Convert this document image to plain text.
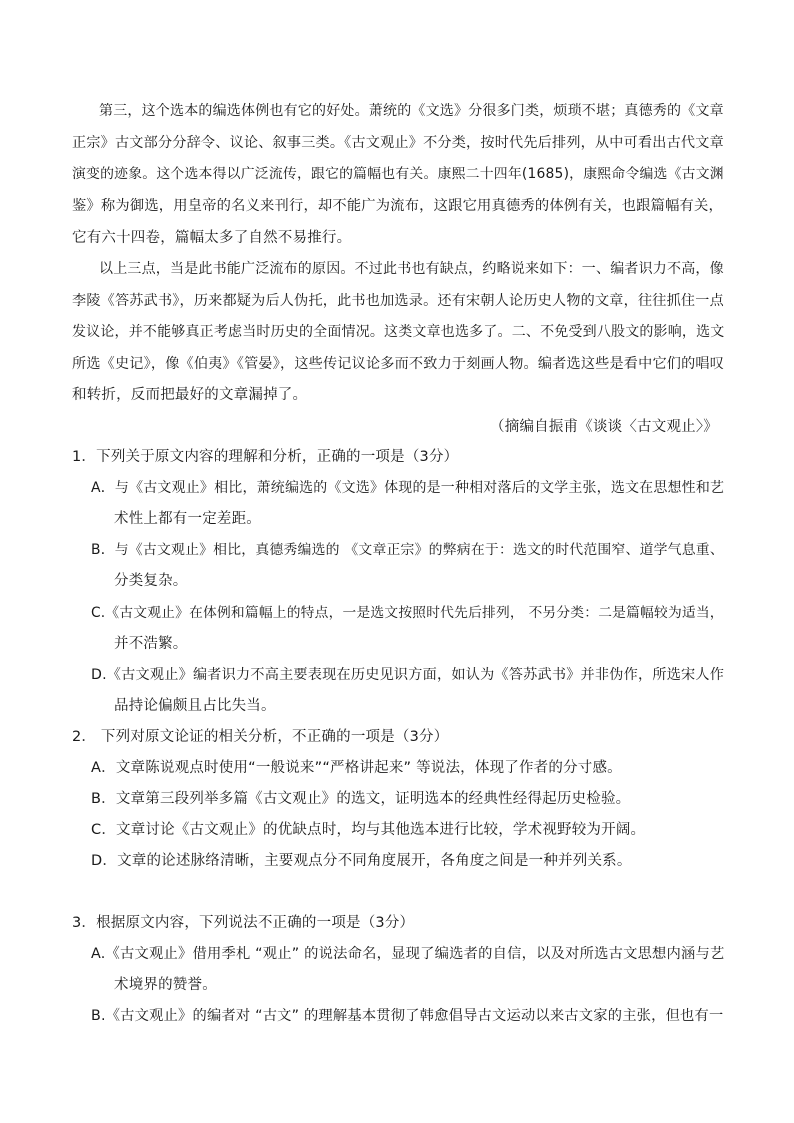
第三，这个选本的编选体例也有它的好处。萧统的《文选》分很多门类，烦琐不堪；真德秀的《文章
正宗》古文部分分辞令、议论、叙事三类。《古文观止》不分类，按时代先后排列，从中可看出古代文章
演变的迹象。这个选本得以广泛流传，跟它的篇幅也有关。康熙二十四年(1685)，康熙命令编选《古文渊
鉴》称为御选，用皇帝的名义来刊行，却不能广为流布，这跟它用真德秀的体例有关，也跟篇幅有关，
它有六十四卷，篇幅太多了自然不易推行。
以上三点，当是此书能广泛流布的原因。不过此书也有缺点，约略说来如下：一、编者识力不高，像
李陵《答苏武书》，历来都疑为后人伪托，此书也加选录。还有宋朝人论历史人物的文章，往往抓住一点
发议论，并不能够真正考虑当时历史的全面情况。这类文章也选多了。二、不免受到八股文的影响，选文
所选《史记》，像《伯夷》《管晏》，这些传记议论多而不致力于刻画人物。编者选这些是看中它们的唱叹
和转折，反而把最好的文章漏掉了。
（摘编自振甫《谈谈〈古文观止〉》
1．下列关于原文内容的理解和分析，正确的一项是（3分）
A．与《古文观止》相比，萧统编选的《文选》体现的是一种相对落后的文学主张，选文在思想性和艺
术性上都有一定差距。
B．与《古文观止》相比，真德秀编选的 《文章正宗》的弊病在于：选文的时代范围窄、道学气息重、
分类复杂。
C.《古文观止》在体例和篇幅上的特点，一是选文按照时代先后排列， 不另分类：二是篇幅较为适当，
并不浩繁。
D.《古文观止》编者识力不高主要表现在历史见识方面，如认为《答苏武书》并非伪作，所选宋人作
品持论偏颇且占比失当。
2． 下列对原文论证的相关分析，不正确的一项是（3分）
A．文章陈说观点时使用“一般说来”“严格讲起来” 等说法，体现了作者的分寸感。
B．文章第三段列举多篇《古文观止》的选文，证明选本的经典性经得起历史检验。
C．文章讨论《古文观止》的优缺点时，均与其他选本进行比较，学术视野较为开阔。
D．文章的论述脉络清晰，主要观点分不同角度展开，各角度之间是一种并列关系。
3．根据原文内容，下列说法不正确的一项是（3分）
A.《古文观止》借用季札 “观止” 的说法命名，显现了编选者的自信，以及对所选古文思想内涵与艺
术境界的赞誉。
B.《古文观止》的编者对 “古文” 的理解基本贯彻了韩愈倡导古文运动以来古文家的主张，但也有一
